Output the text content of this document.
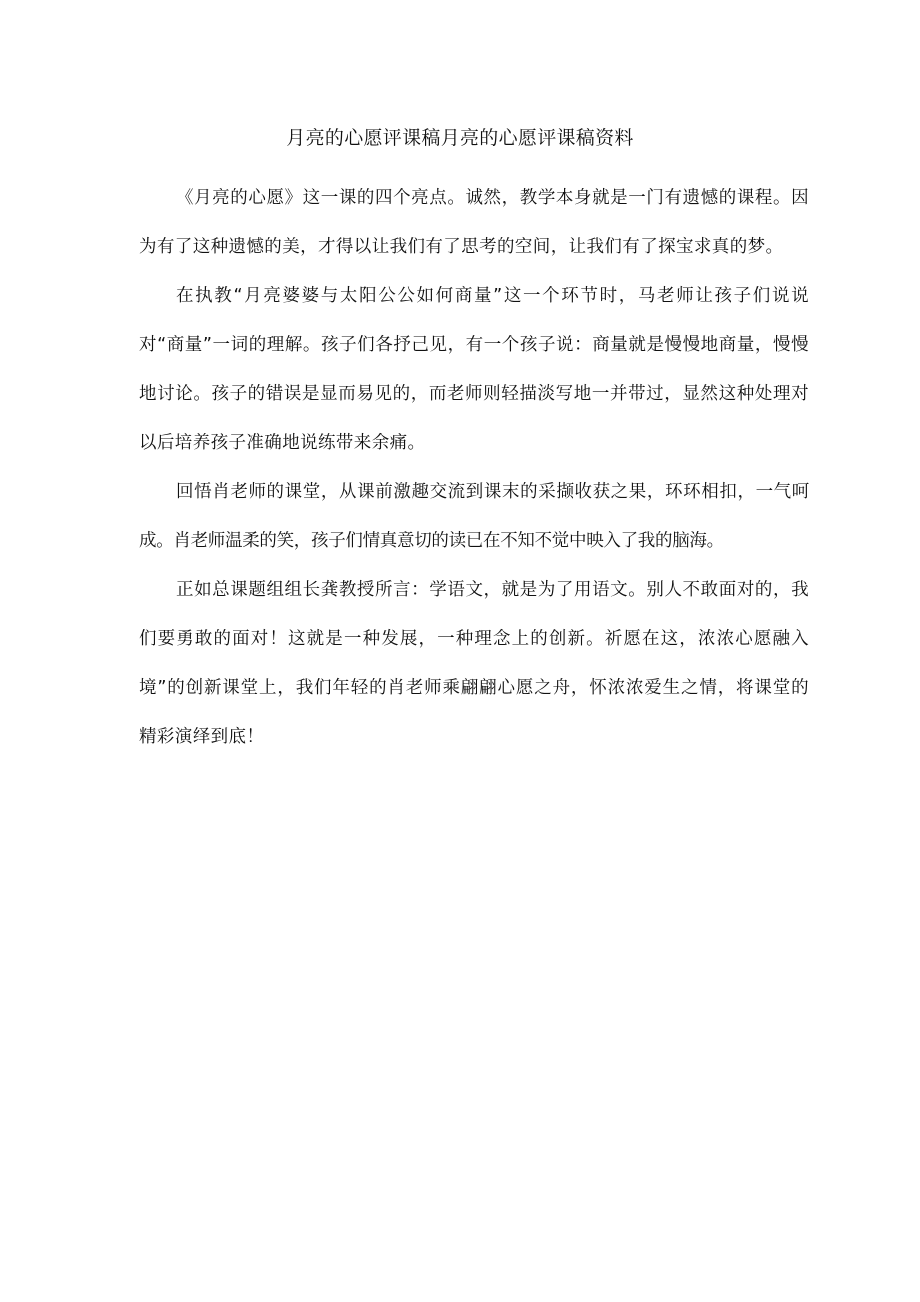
月亮的心愿评课稿月亮的心愿评课稿资料

《月亮的心愿》这一课的四个亮点。诚然，教学本身就是一门有遗憾的课程。因为有了这种遗憾的美，才得以让我们有了思考的空间，让我们有了探宝求真的梦。

在执教“月亮婆婆与太阳公公如何商量”这一个环节时，马老师让孩子们说说对“商量”一词的理解。孩子们各抒己见，有一个孩子说：商量就是慢慢地商量，慢慢地讨论。孩子的错误是显而易见的，而老师则轻描淡写地一并带过，显然这种处理对以后培养孩子准确地说练带来余痛。

回悟肖老师的课堂，从课前激趣交流到课末的采撷收获之果，环环相扣，一气呵成。肖老师温柔的笑，孩子们情真意切的读已在不知不觉中映入了我的脑海。

正如总课题组组长龚教授所言：学语文，就是为了用语文。别人不敢面对的，我们要勇敢的面对！这就是一种发展，一种理念上的创新。祈愿在这，浓浓心愿融入境”的创新课堂上，我们年轻的肖老师乘翩翩心愿之舟，怀浓浓爱生之情，将课堂的精彩演绎到底！
